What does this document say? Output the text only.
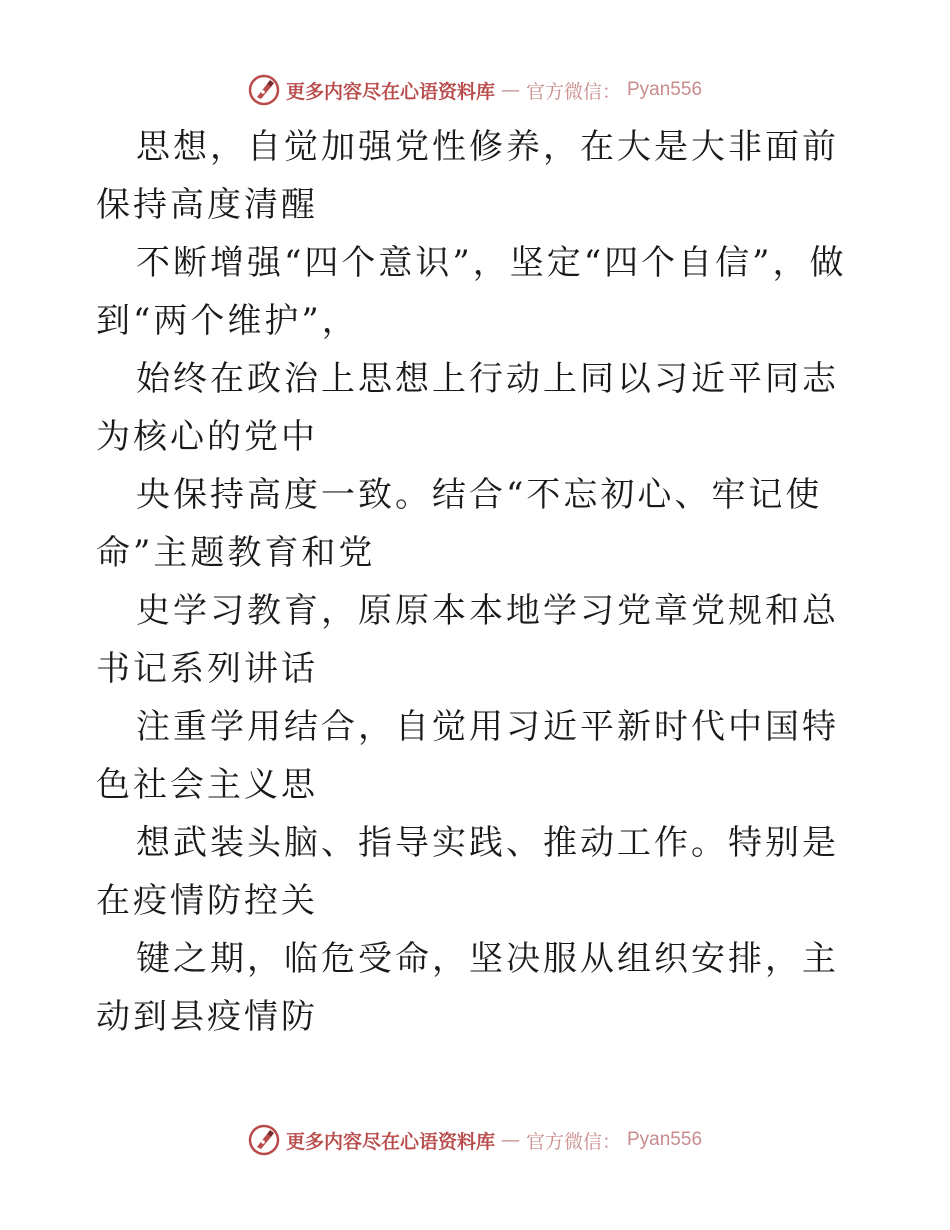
更多内容尽在心语资料库 — 官方微信： Pyan556

思想，自觉加强党性修养，在大是大非面前保持高度清醒

不断增强“四个意识”，坚定“四个自信”，做到“两个维护”，

始终在政治上思想上行动上同以习近平同志为核心的党中

央保持高度一致。结合“不忘初心、牢记使命”主题教育和党

史学习教育，原原本本地学习党章党规和总书记系列讲话

注重学用结合，自觉用习近平新时代中国特色社会主义思

想武装头脑、指导实践、推动工作。特别是在疫情防控关

键之期，临危受命，坚决服从组织安排，主动到县疫情防

更多内容尽在心语资料库 — 官方微信： Pyan556
